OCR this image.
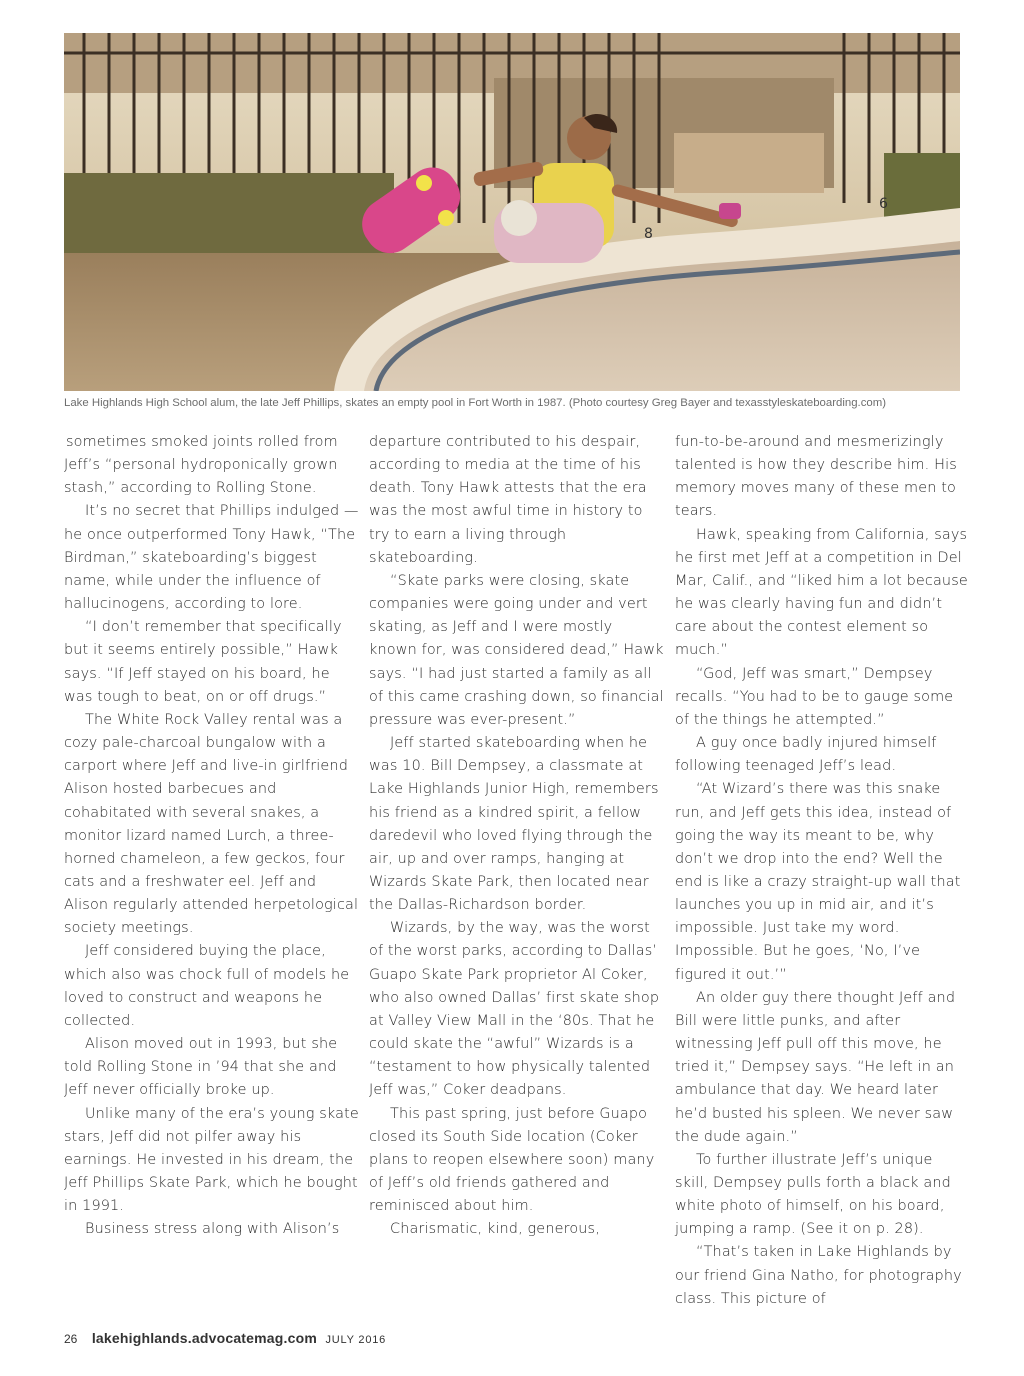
8
6
Lake Highlands High School alum, the late Jeff Phillips, skates an empty pool in Fort Worth in 1987. (Photo courtesy Greg Bayer and texasstyleskateboarding.com)

sometimes smoked joints rolled from Jeff’s “personal hydroponically grown stash,” according to Rolling Stone.

It’s no secret that Phillips indulged — he once outperformed Tony Hawk, “The Birdman,” skateboarding’s biggest name, while under the influence of hallucinogens, according to lore.

“I don’t remember that specifically but it seems entirely possible,” Hawk says. “If Jeff stayed on his board, he was tough to beat, on or off drugs.”

The White Rock Valley rental was a cozy pale-charcoal bungalow with a carport where Jeff and live-in girlfriend Alison hosted barbecues and cohabitated with several snakes, a monitor lizard named Lurch, a three-horned chameleon, a few geckos, four cats and a freshwater eel. Jeff and Alison regularly attended herpetological society meetings.

Jeff considered buying the place, which also was chock full of models he loved to construct and weapons he collected.

Alison moved out in 1993, but she told Rolling Stone in ’94 that she and Jeff never officially broke up.

Unlike many of the era’s young skate stars, Jeff did not pilfer away his earnings. He invested in his dream, the Jeff Phillips Skate Park, which he bought in 1991.

Business stress along with Alison’s

departure contributed to his despair, according to media at the time of his death. Tony Hawk attests that the era was the most awful time in history to try to earn a living through skateboarding.

“Skate parks were closing, skate companies were going under and vert skating, as Jeff and I were mostly known for, was considered dead,” Hawk says. “I had just started a family as all of this came crashing down, so financial pressure was ever-present.”

Jeff started skateboarding when he was 10. Bill Dempsey, a classmate at Lake Highlands Junior High, remembers his friend as a kindred spirit, a fellow daredevil who loved flying through the air, up and over ramps, hanging at Wizards Skate Park, then located near the Dallas-Richardson border.

Wizards, by the way, was the worst of the worst parks, according to Dallas’ Guapo Skate Park proprietor Al Coker, who also owned Dallas’ first skate shop at Valley View Mall in the ‘80s. That he could skate the “awful” Wizards is a “testament to how physically talented Jeff was,” Coker deadpans.

This past spring, just before Guapo closed its South Side location (Coker plans to reopen elsewhere soon) many of Jeff’s old friends gathered and reminisced about him.

Charismatic, kind, generous,

fun-to-be-around and mesmerizingly talented is how they describe him. His memory moves many of these men to tears.

Hawk, speaking from California, says he first met Jeff at a competition in Del Mar, Calif., and “liked him a lot because he was clearly having fun and didn’t care about the contest element so much.”

“God, Jeff was smart,” Dempsey recalls. “You had to be to gauge some of the things he attempted.”

A guy once badly injured himself following teenaged Jeff’s lead.

“At Wizard’s there was this snake run, and Jeff gets this idea, instead of going the way its meant to be, why don’t we drop into the end? Well the end is like a crazy straight-up wall that launches you up in mid air, and it’s impossible. Just take my word. Impossible. But he goes, ‘No, I’ve figured it out.’”

An older guy there thought Jeff and Bill were little punks, and after witnessing Jeff pull off this move, he tried it,” Dempsey says. “He left in an ambulance that day. We heard later he’d busted his spleen. We never saw the dude again.”

To further illustrate Jeff’s unique skill, Dempsey pulls forth a black and white photo of himself, on his board, jumping a ramp. (See it on p. 28).

“That’s taken in Lake Highlands by our friend Gina Natho, for photography class. This picture of

26 lakehighlands.advocatemag.com JULY 2016
